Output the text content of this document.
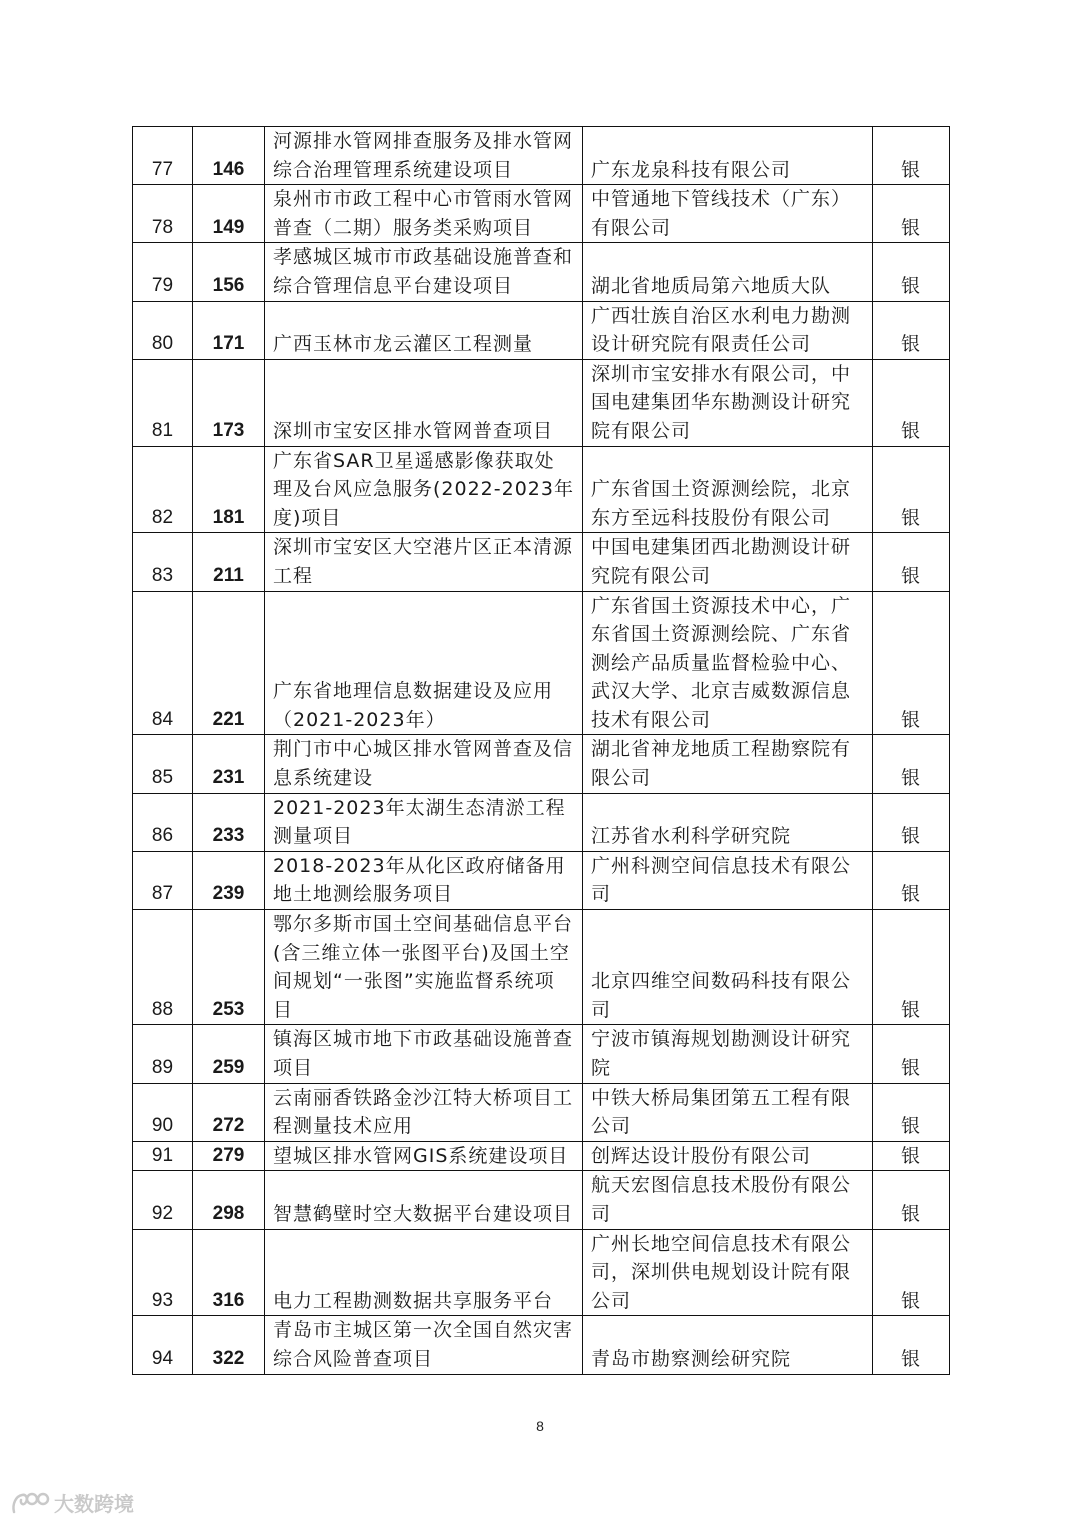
77	146	河源排水管网排查服务及排水管网综合治理管理系统建设项目	广东龙泉科技有限公司	银
78	149	泉州市市政工程中心市管雨水管网普查（二期）服务类采购项目	中管通地下管线技术（广东）有限公司	银
79	156	孝感城区城市市政基础设施普查和综合管理信息平台建设项目	湖北省地质局第六地质大队	银
80	171	广西玉林市龙云灌区工程测量	广西壮族自治区水利电力勘测设计研究院有限责任公司	银
81	173	深圳市宝安区排水管网普查项目	深圳市宝安排水有限公司，中国电建集团华东勘测设计研究院有限公司	银
82	181	广东省SAR卫星遥感影像获取处理及台风应急服务(2022-2023年度)项目	广东省国土资源测绘院，北京东方至远科技股份有限公司	银
83	211	深圳市宝安区大空港片区正本清源工程	中国电建集团西北勘测设计研究院有限公司	银
84	221	广东省地理信息数据建设及应用（2021-2023年）	广东省国土资源技术中心，广东省国土资源测绘院、广东省测绘产品质量监督检验中心、武汉大学、北京吉威数源信息技术有限公司	银
85	231	荆门市中心城区排水管网普查及信息系统建设	湖北省神龙地质工程勘察院有限公司	银
86	233	2021-2023年太湖生态清淤工程测量项目	江苏省水利科学研究院	银
87	239	2018-2023年从化区政府储备用地土地测绘服务项目	广州科测空间信息技术有限公司	银
88	253	鄂尔多斯市国土空间基础信息平台(含三维立体一张图平台)及国土空间规划“一张图”实施监督系统项目	北京四维空间数码科技有限公司	银
89	259	镇海区城市地下市政基础设施普查项目	宁波市镇海规划勘测设计研究院	银
90	272	云南丽香铁路金沙江特大桥项目工程测量技术应用	中铁大桥局集团第五工程有限公司	银
91	279	望城区排水管网GIS系统建设项目	创辉达设计股份有限公司	银
92	298	智慧鹤壁时空大数据平台建设项目	航天宏图信息技术股份有限公司	银
93	316	电力工程勘测数据共享服务平台	广州长地空间信息技术有限公司，深圳供电规划设计院有限公司	银
94	322	青岛市主城区第一次全国自然灾害综合风险普查项目	青岛市勘察测绘研究院	银
8
大数跨境
